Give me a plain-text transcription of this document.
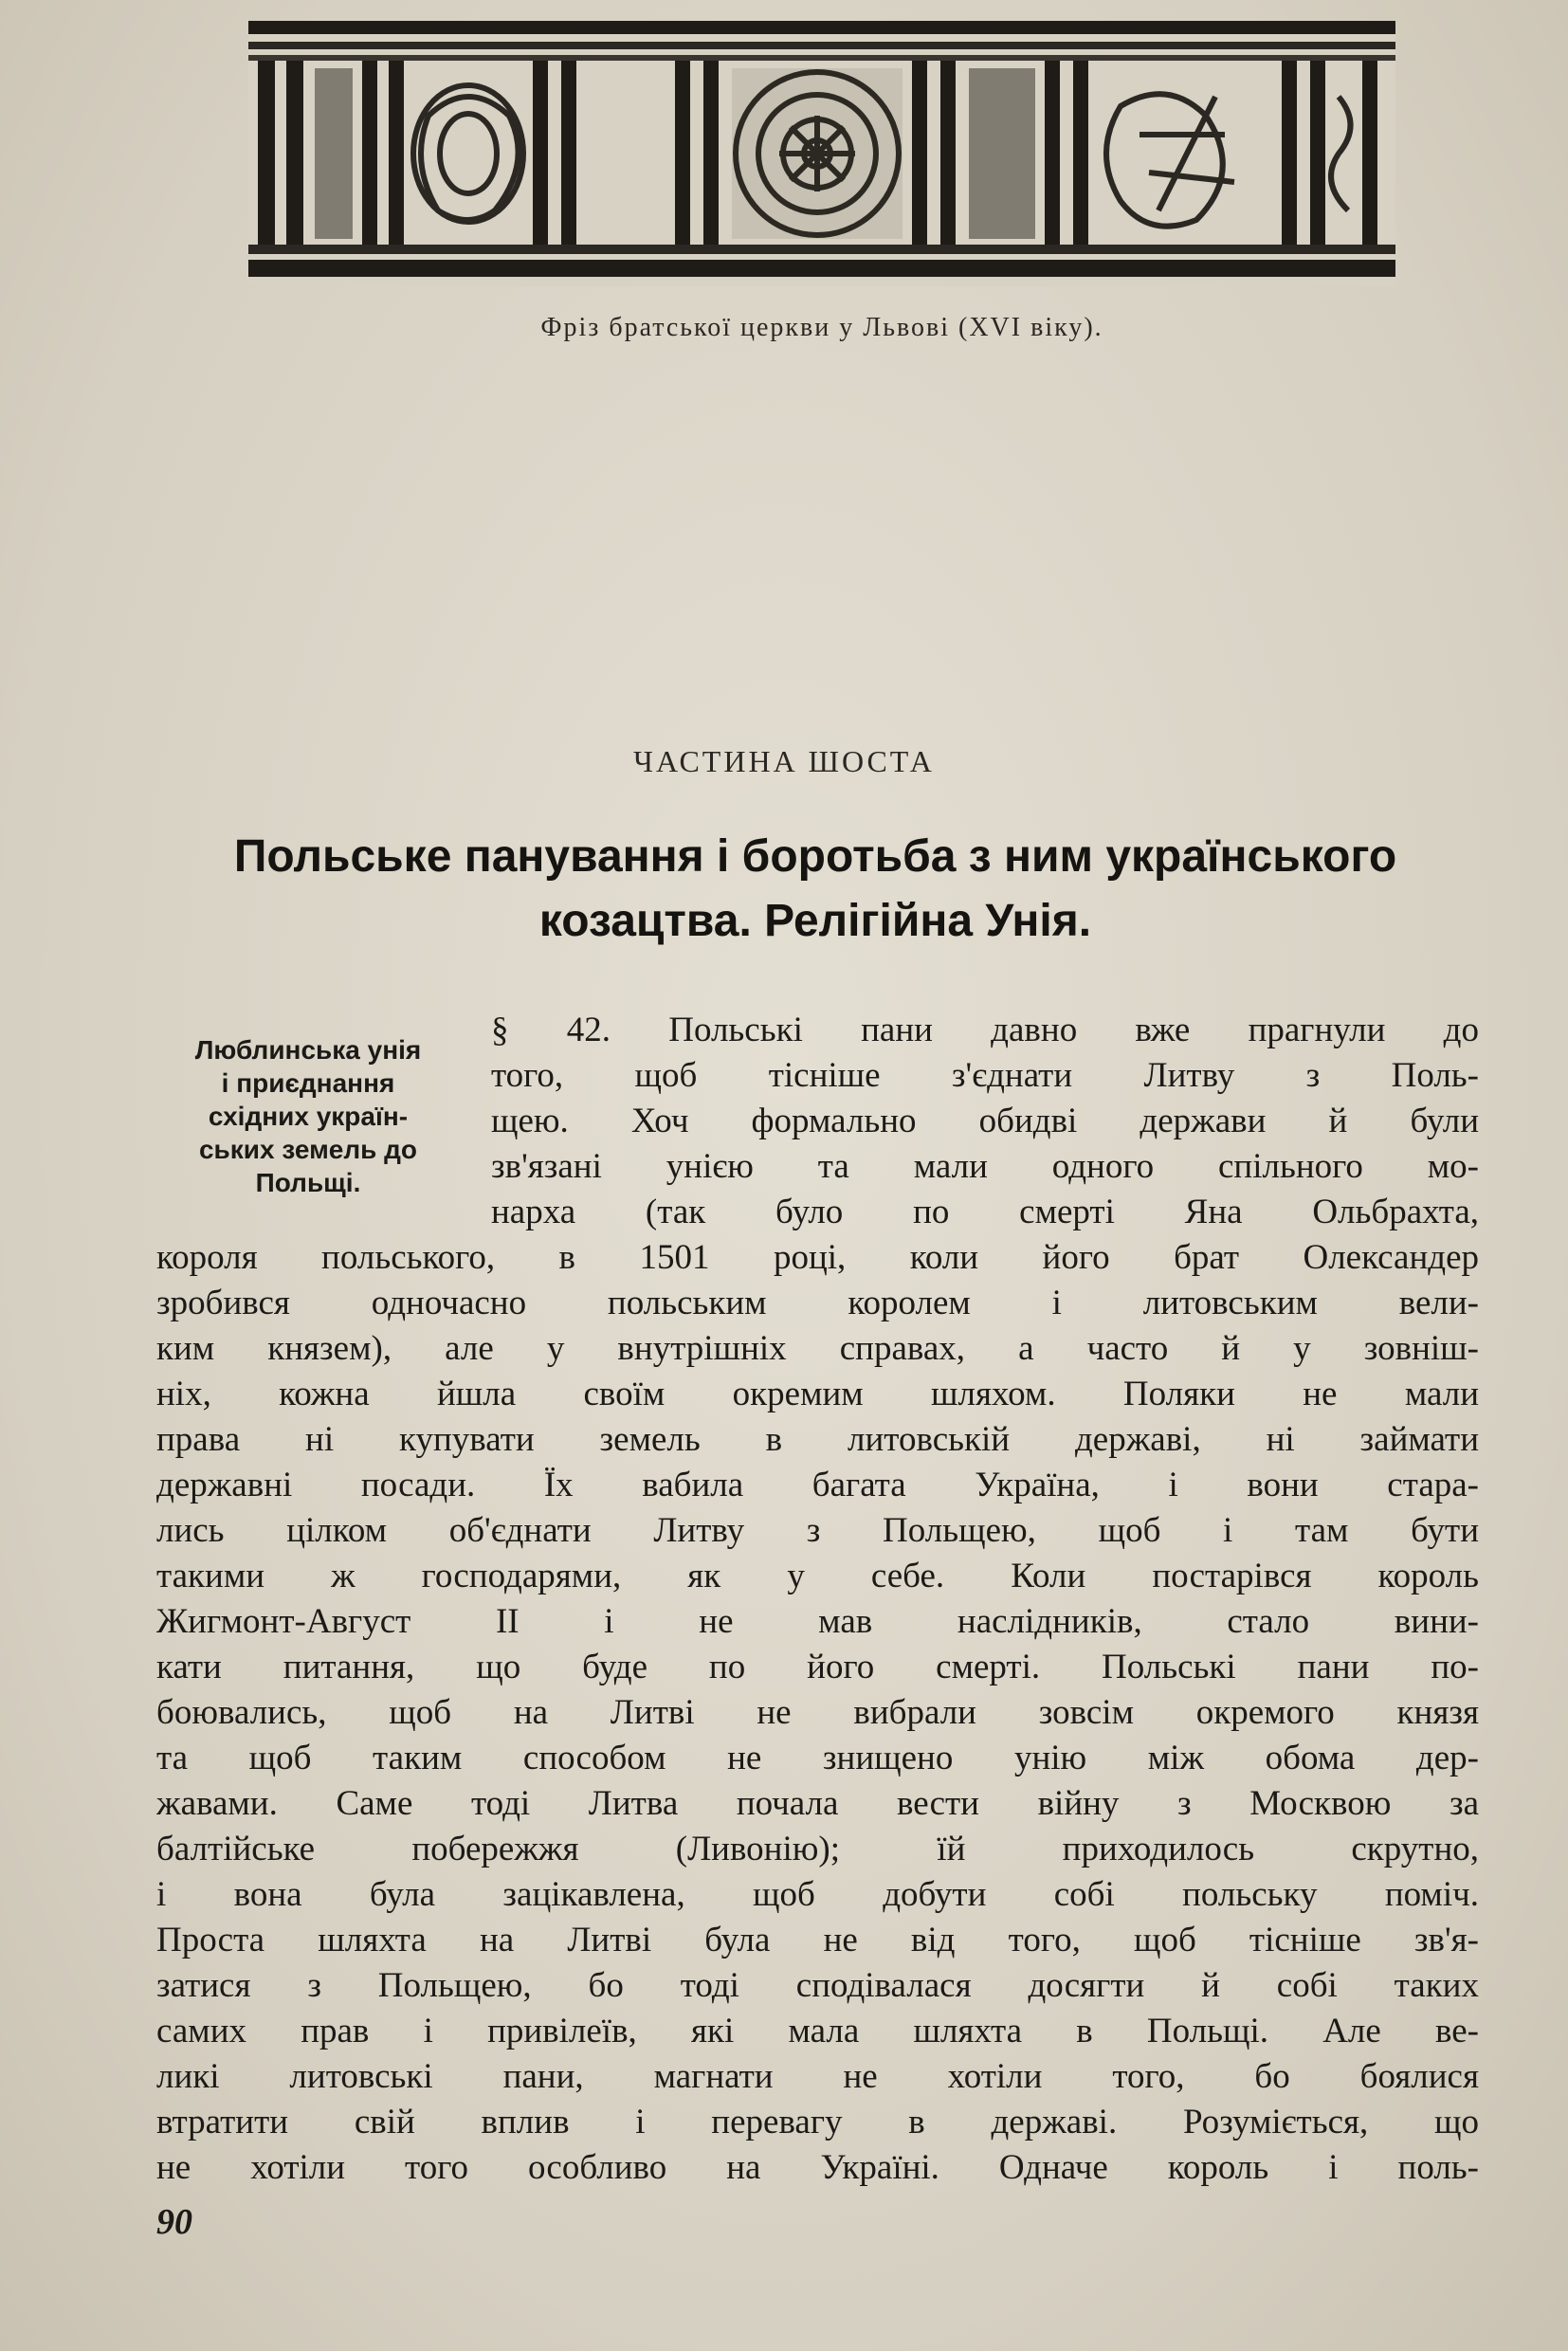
Фріз братської церкви у Львові (XVI віку).
ЧАСТИНА ШОСТА
Польське панування і боротьба з ним українського
козацтва. Релігійна Унія.
Люблинська унія
і приєднання
східних україн-
ських земель до
Польщі.
§ 42. Польські пани давно вже прагнули до
того, щоб тісніше з'єднати Литву з Поль-
щею. Хоч формально обидві держави й були
зв'язані унією та мали одного спільного мо-
нарха (так було по смерті Яна Ольбрахта,
короля польського, в 1501 році, коли його брат Олександер
зробився одночасно польським королем і литовським вели-
ким князем), але у внутрішніх справах, а часто й у зовніш-
ніх, кожна йшла своїм окремим шляхом. Поляки не мали
права ні купувати земель в литовській державі, ні займати
державні посади. Їх вабила багата Україна, і вони стара-
лись цілком об'єднати Литву з Польщею, щоб і там бути
такими ж господарями, як у себе. Коли постарівся король
Жигмонт-Август II і не мав наслідників, стало вини-
кати питання, що буде по його смерті. Польські пани по-
боювались, щоб на Литві не вибрали зовсім окремого князя
та щоб таким способом не знищено унію між обома дер-
жавами. Саме тоді Литва почала вести війну з Москвою за
балтійське побережжя (Ливонію); їй приходилось скрутно,
і вона була зацікавлена, щоб добути собі польську поміч.
Проста шляхта на Литві була не від того, щоб тісніше зв'я-
затися з Польщею, бо тоді сподівалася досягти й собі таких
самих прав і привілеїв, які мала шляхта в Польщі. Але ве-
ликі литовські пани, магнати не хотіли того, бо боялися
втратити свій вплив і перевагу в державі. Розуміється, що
не хотіли того особливо на Україні. Одначе король і поль-
90
